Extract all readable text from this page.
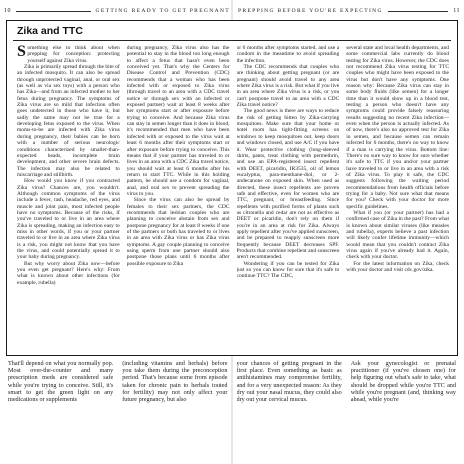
10	GETTING READY TO GET PREGNANT PREPPING BEFORE YOU'RE EXPECTING	11
Zika and TTC

Something else to think about when prepping for conception: protecting yourself against Zika virus.

Zika is primarily spread through the bite of an infected mosquito. It can also be spread through unprotected vaginal, anal, or oral sex (as well as via sex toys) with a person who has Zika—and from an infected mother to her fetus during pregnancy. The symptoms of Zika virus are so mild that infection often goes undetected in those who have it, but sadly the same may not be true for a developing fetus exposed to the virus. When moms-to-be are infected with Zika virus during pregnancy, their babies can be born with a number of serious neurologic conditions characterized by smaller-than-expected heads, incomplete brain development, and other severe brain defects. The infection may also be related to miscarriage and stillbirth.

How would you know if you contracted Zika virus? Chances are, you wouldn't. Although common symptoms of the virus include a fever, rash, headache, red eyes, and muscle and joint pain, most infected people have no symptoms. Because of the risks, if you've traveled to or live in an area where Zika is spreading, making an infection easy to miss in other words, if you or your partner traveled to or live in an area where Zika virus is a risk, you might not know that you have the virus, and could potentially spread it to your baby during pregnancy.

But why worry about Zika now—before you even get pregnant? Here's why: From what is known about other infections (for example, rubella)

during pregnancy, Zika virus also has the potential to stay in the blood too long enough to affect a fetus that hasn't even been conceived yet. That's why the Centers for Disease Control and Prevention (CDC) recommends that a woman who has been infected with or exposed to Zika virus (through travel to an area with a CDC travel notice or through sex with an infected or exposed partner) wait at least 8 weeks after her symptoms start or after exposure before trying to conceive. And because Zika virus can stay in semen longer than it does in blood, it's recommended that men who have been infected with or exposed to the virus wait at least 6 months after their symptoms start or after exposure before trying to conceive. This means that if your partner has traveled to or lives in an area with a CDC Zika travel notice, you should wait at least 6 months after his return to start TTC. While in this holding pattern, he should use a condom for vaginal, anal, and oral sex to prevent spreading the virus to you.

Since the virus can also be spread by females to their sex partners, the CDC recommends that lesbian couples who are planning to conceive abstain from sex and postpone pregnancy for at least 8 weeks if one of the partners or both has traveled to or lives in an area with Zika virus or has Zika virus symptoms. A gay couple planning to conceive using sperm from one partner should also postpone those plans until 6 months after possible exposure to Zika

or 6 months after symptoms started, and use a condom in the meantime to avoid spreading the infection.

The CDC recommends that couples who are thinking about getting pregnant (or are pregnant) should avoid travel to any area where Zika virus is a risk. But what if you live in an area where Zika virus is a risk, or you can't postpone travel to an area with a CDC Zika travel notice?

The good news is there are ways to reduce the risk of getting bitten by Zika-carrying mosquitoes. Make sure that your home or hotel room has tight-fitting screens on windows to keep mosquitoes out, keep doors and windows closed, and use A/C if you have it. Wear protective clothing (long-sleeved shirts, pants, treat clothing with permethrin, and use an EPA-registered insect repellent with DEET, picaridin, IR3535, oil of lemon eucalyptus, para-menthane-diol, or 2-undecanone on exposed skin. When used as directed, these insect repellents are proven safe and effective, even for women who are TTC, pregnant, or breastfeeding. Since repellents with purified forms of plants such as citronella and cedar are not as effective as DEET or picaridin, don't rely on them if you're in an area at risk for Zika. Always apply repellent after you've applied sunscreen, and be prepared to reapply sunscreen more frequently because DEET decreases SPF. Products that combine repellent and sunscreen aren't recommended.

Wondering if you can be tested for Zika just so you can know for sure that it's safe to continue TTC? The CDC,

several state and local health departments, and some commercial labs currently do blood testing for Zika virus. However, the CDC does not recommend Zika virus testing for TTC couples who might have been exposed to the virus but don't have any symptoms. One reason why: Because Zika virus can stay in some body fluids (like semen) for a longer time than it would show up in a blood test, testing a person who doesn't have any symptoms could provide falsely reassuring results suggesting no recent Zika infection—even when the person is actually infected. As of now, there's also no approved test for Zika in semen, and because semen can remain infected for 6 months, there's no way to know if a man is carrying the virus. Bottom line: There's no sure way to know for sure whether it's safe to TTC if you and/or your partner have traveled to or live in an area with a risk of Zika virus. To play it safe, the CDC suggests following the waiting period recommendations from health officials before trying for a baby. Not sure what that means for you? Check with your doctor for more specific guidelines.

What if you (or your partner) has had a confirmed case of Zika in the past? From what is known about similar viruses (like measles and rubella), experts believe a past infection will likely confer lifetime immunity—which would mean that you couldn't contract Zika virus again if you've already had it. Again, check with your doctor.

For the latest information on Zika, check with your doctor and visit cdc.gov/zika.

That'll depend on what you normally pop. Most over-the-counter and many prescription meds are considered safe while you're trying to conceive. Still, it's smart to get the green light on any medications or supplements

(including vitamins and herbals) before you take them during the preconception period. That's because some from episode taken for chronic pain to herbals touted for fertility) may not only affect your future pregnancy, but also

your chances of getting pregnant in the first place. Even something as basic as antihistamines may compromise fertility, and for a very unexpected reason: As they dry out your nasal mucus, they could also dry out your cervical mucus.

Ask your gynecologist or prenatal practitioner (if you've chosen one) for help figuring out what's safe to take, what should be dropped while you're TTC and while you're pregnant (and, thinking way ahead, while you're
